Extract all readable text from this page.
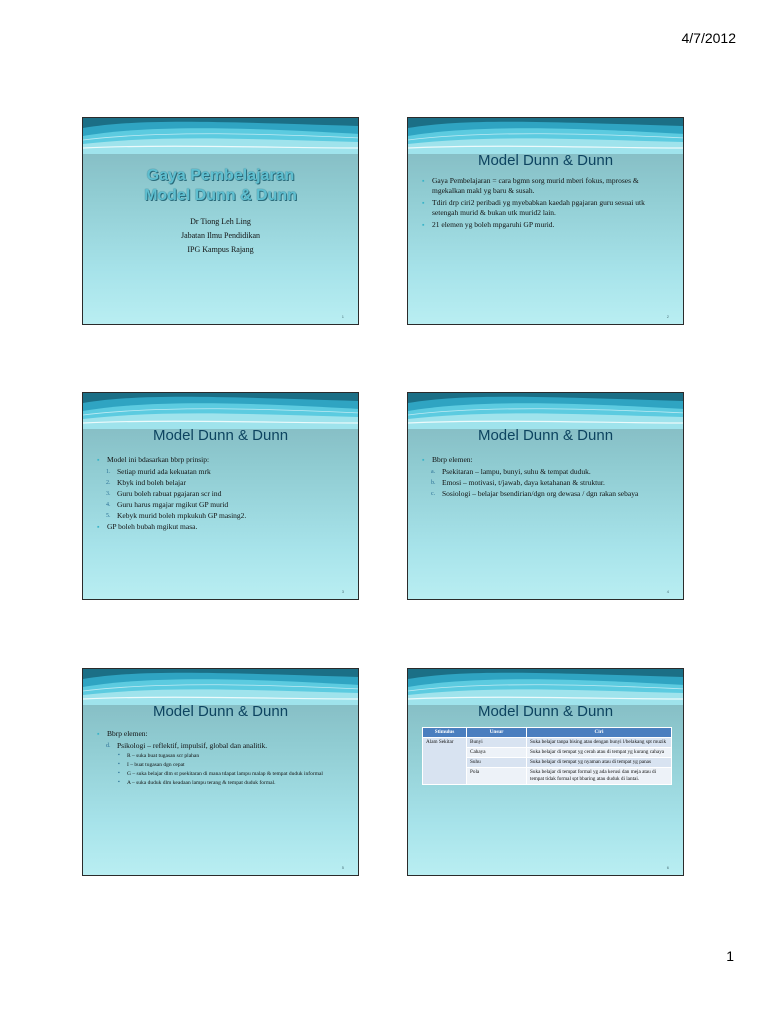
4/7/2012
Gaya Pembelajaran
Model Dunn & Dunn
Dr Tiong Leh Ling
Jabatan Ilmu Pendidikan
IPG Kampus Rajang
1
Model Dunn & Dunn
▪ Gaya Pembelajaran = cara bgmn sorg murid mberi fokus, mproses & mgekalkan makl yg baru & susah.
▪ Tdiri drp ciri2 peribadi yg myebabkan kaedah pgajaran guru sesuai utk setengah murid & bukan utk murid2 lain.
▪ 21 elemen yg boleh mpgaruhi GP murid.
2
Model Dunn & Dunn
▪ Model ini bdasarkan bbrp prinsip:
1. Setiap murid ada kekuatan mrk
2. Kbyk ind boleh belajar
3. Guru boleh rabuat pgajaran scr ind
4. Guru harus rngajar rngikut GP murid
5. Kebyk murid boleh rnpkukuh GP masing2.
▪ GP boleh bubah mgikut masa.
3
Model Dunn & Dunn
▪ Bbrp elemen:
a. Psekitaran – lampu, bunyi, suhu & tempat duduk.
b. Emosi – motivasi, t/jawab, daya ketahanan & struktur.
c. Sosiologi – belajar bsendirian/dgn org dewasa / dgn rakan sebaya
4
Model Dunn & Dunn
▪ Bbrp elemen:
d. Psikologi – reflektif, impulsif, global dan analitik.
▪ R – suka buat tugasan scr plahan
▪ I – buat tugasan dgn cepat
▪ G – suka belajar dlm st psekitaran di mana tdapat lampu malap & tempat duduk informal
▪ A – suka duduk dlm keadaan lampu terang & tempat duduk formal.
5
Model Dunn & Dunn
Stimulus	Unsur	Ciri
Alam Sekitar	Bunyi	Suka belajar tanpa bising atau dengan bunyi l/belakang spt muzik
	Cahaya	Suka belajar di tempat yg cerah atau di tempat yg kurang cahaya
	Suhu	Suka belajar di tempat yg nyaman atau di tempat yg panas
	Pola	Suka belajar di tempat formal yg ada kerusi dan meja atau di tempat tidak formal spt bbaring atau duduk di lantai.
6
1
